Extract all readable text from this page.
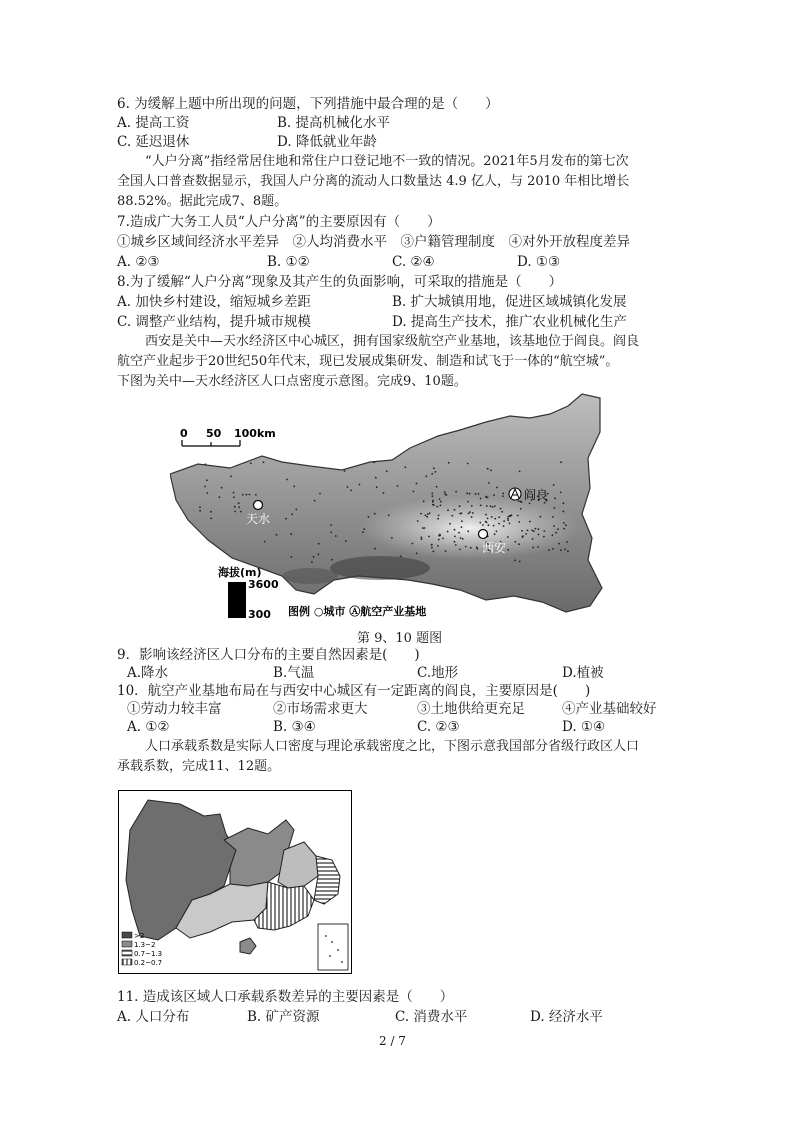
6. 为缓解上题中所出现的问题，下列措施中最合理的是（　　）
A. 提高工资	B. 提高机械化水平
C. 延迟退休	D. 降低就业年龄
“人户分离”指经常居住地和常住户口登记地不一致的情况。2021年5月发布的第七次
全国人口普查数据显示，我国人户分离的流动人口数量达 4.9 亿人，与 2010 年相比增长
88.52%。据此完成7、8题。
7.造成广大务工人员“人户分离”的主要原因有（　　）
①城乡区域间经济水平差异　②人均消费水平　③户籍管理制度　④对外开放程度差异
A. ②③	B. ①②	C. ②④	D. ①③
8.为了缓解“人户分离”现象及其产生的负面影响，可采取的措施是（　　）
A. 加快乡村建设，缩短城乡差距	B. 扩大城镇用地，促进区域城镇化发展
C. 调整产业结构，提升城市规模	D. 提高生产技术，推广农业机械化生产
西安是关中—天水经济区中心城区，拥有国家级航空产业基地，该基地位于阎良。阎良
航空产业起步于20世纪50年代末，现已发展成集研发、制造和试飞于一体的“航空城”。
下图为关中—天水经济区人口点密度示意图。完成9、10题。
0 50 100km
天水
西安
阎良
海拔(m)
3600
300 图例 ○城市 Ⓐ航空产业基地
第 9、10 题图
9．影响该经济区人口分布的主要自然因素是(　　)
A.降水	B.气温	C.地形	D.植被
10．航空产业基地布局在与西安中心城区有一定距离的阎良，主要原因是(　　)
①劳动力较丰富	②市场需求更大	③土地供给更充足	④产业基础较好
A. ①②	B. ③④	C. ②③	D. ①④
人口承载系数是实际人口密度与理论承载密度之比，下图示意我国部分省级行政区人口
承载系数，完成11、12题。
>2
1.3~2
0.7~1.3
0.2~0.7
11. 造成该区域人口承载系数差异的主要因素是（　　）
A. 人口分布	B. 矿产资源	C. 消费水平	D. 经济水平
2 / 7
